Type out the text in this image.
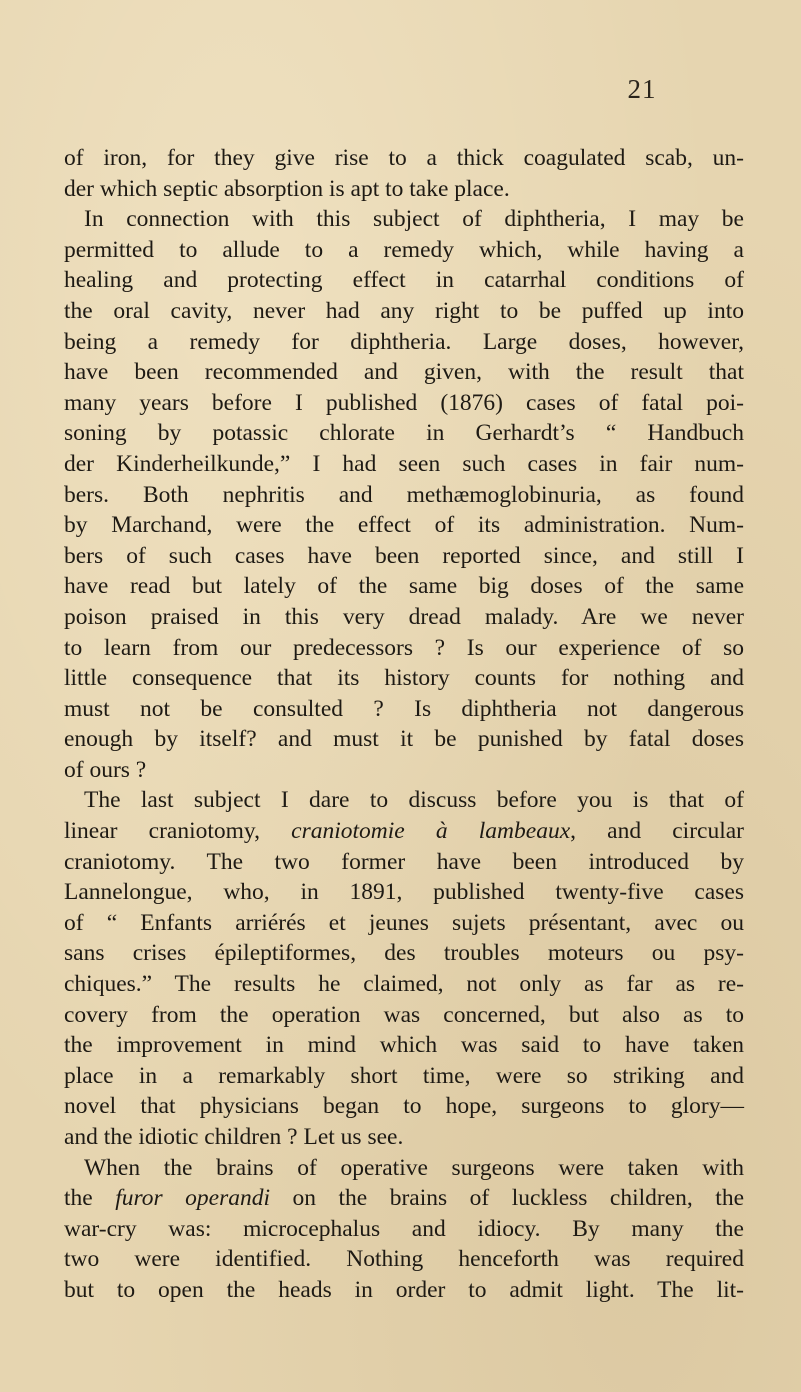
21
of iron, for they give rise to a thick coagulated scab, un-
der which septic absorption is apt to take place.
In connection with this subject of diphtheria, I may be
permitted to allude to a remedy which, while having a
healing and protecting effect in catarrhal conditions of
the oral cavity, never had any right to be puffed up into
being a remedy for diphtheria. Large doses, however,
have been recommended and given, with the result that
many years before I published (1876) cases of fatal poi-
soning by potassic chlorate in Gerhardt’s “ Handbuch
der Kinderheilkunde,” I had seen such cases in fair num-
bers. Both nephritis and methæmoglobinuria, as found
by Marchand, were the effect of its administration. Num-
bers of such cases have been reported since, and still I
have read but lately of the same big doses of the same
poison praised in this very dread malady. Are we never
to learn from our predecessors ? Is our experience of so
little consequence that its history counts for nothing and
must not be consulted ? Is diphtheria not dangerous
enough by itself? and must it be punished by fatal doses
of ours ?
The last subject I dare to discuss before you is that of
linear craniotomy, craniotomie à lambeaux, and circular
craniotomy. The two former have been introduced by
Lannelongue, who, in 1891, published twenty-five cases
of “ Enfants arriérés et jeunes sujets présentant, avec ou
sans crises épileptiformes, des troubles moteurs ou psy-
chiques.” The results he claimed, not only as far as re-
covery from the operation was concerned, but also as to
the improvement in mind which was said to have taken
place in a remarkably short time, were so striking and
novel that physicians began to hope, surgeons to glory—
and the idiotic children ? Let us see.
When the brains of operative surgeons were taken with
the furor operandi on the brains of luckless children, the
war-cry was: microcephalus and idiocy. By many the
two were identified. Nothing henceforth was required
but to open the heads in order to admit light. The lit-
